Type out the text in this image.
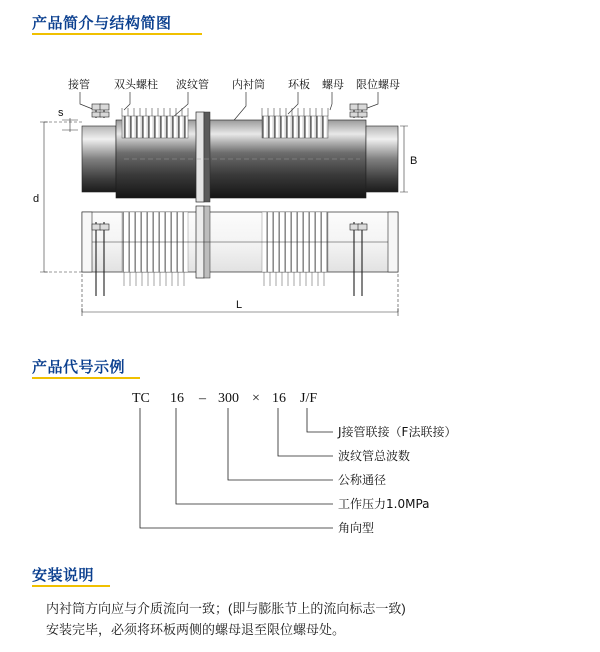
产品简介与结构简图
接管 双头螺柱 波纹管 内衬筒 环板 螺母 限位螺母
s
d
B
L
产品代号示例
TC 16 – 300 × 16 J/F
J接管联接（F法联接）
波纹管总波数
公称通径
工作压力1.0MPa
角向型
安装说明
内衬筒方向应与介质流向一致；(即与膨胀节上的流向标志一致)
安装完毕，必须将环板两侧的螺母退至限位螺母处。
